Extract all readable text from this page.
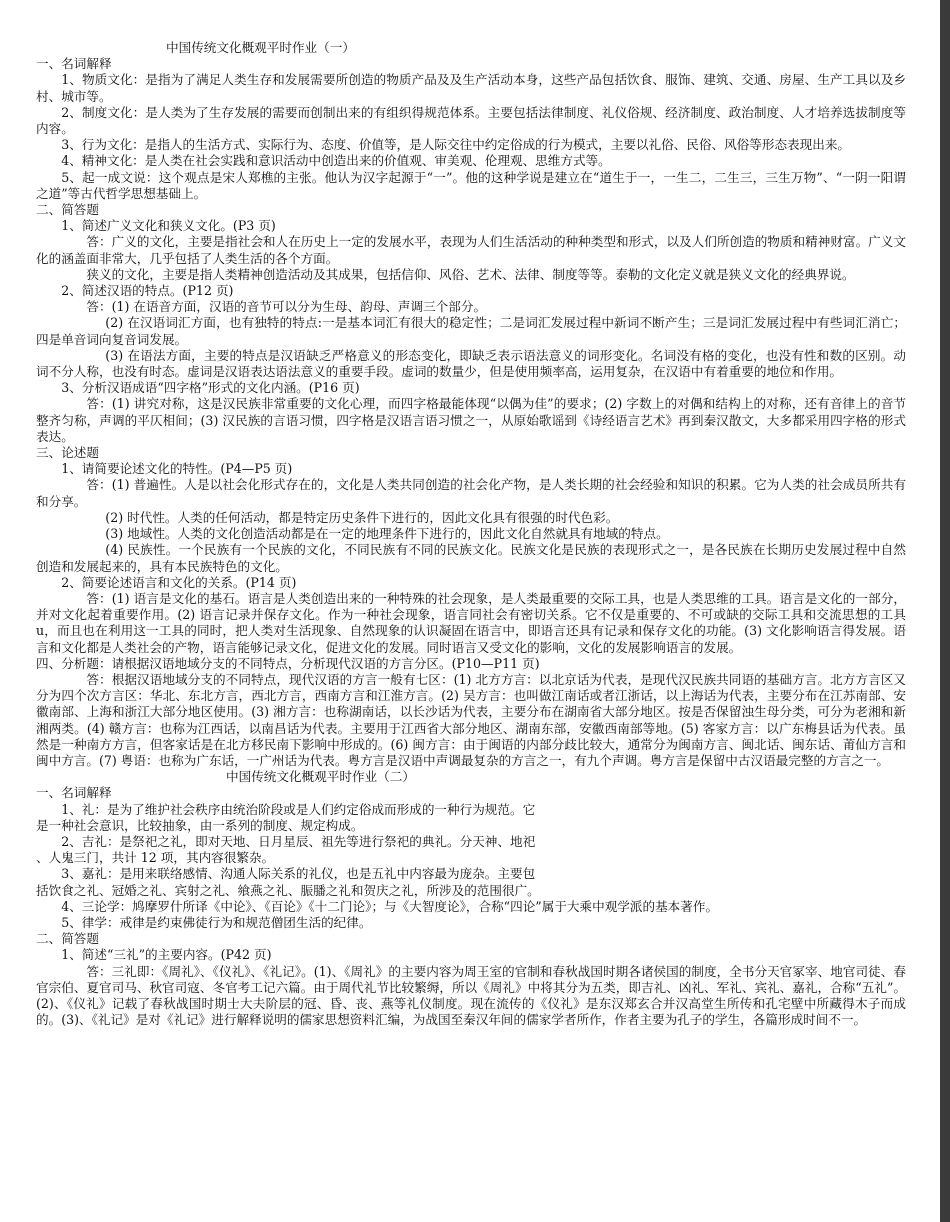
中国传统文化概观平时作业（一）

一、名词解释

1、物质文化：是指为了满足人类生存和发展需要所创造的物质产品及及生产活动本身，这些产品包括饮食、服饰、建筑、交通、房屋、生产工具以及乡村、城市等。

2、制度文化：是人类为了生存发展的需要而创制出来的有组织得规范体系。主要包括法律制度、礼仪俗规、经济制度、政治制度、人才培养选拔制度等内容。

3、行为文化：是指人的生活方式、实际行为、态度、价值等，是人际交往中约定俗成的行为模式，主要以礼俗、民俗、风俗等形态表现出来。

4、精神文化：是人类在社会实践和意识活动中创造出来的价值观、审美观、伦理观、思维方式等。

5、起一成文说：这个观点是宋人郑樵的主张。他认为汉字起源于“一”。他的这种学说是建立在“道生于一，一生二，二生三，三生万物”、“一阴一阳谓之道”等古代哲学思想基础上。

二、简答题

1、简述广义文化和狭义文化。(P3 页)

答：广义的文化，主要是指社会和人在历史上一定的发展水平，表现为人们生活活动的种种类型和形式，以及人们所创造的物质和精神财富。广义文化的涵盖面非常大，几乎包括了人类生活的各个方面。

狭义的文化，主要是指人类精神创造活动及其成果，包括信仰、风俗、艺术、法律、制度等等。泰勒的文化定义就是狭义文化的经典界说。

2、简述汉语的特点。(P12 页)

答：(1) 在语音方面，汉语的音节可以分为生母、韵母、声调三个部分。

(2) 在汉语词汇方面，也有独特的特点:一是基本词汇有很大的稳定性；二是词汇发展过程中新词不断产生；三是词汇发展过程中有些词汇消亡；四是单音词向复音词发展。

(3) 在语法方面，主要的特点是汉语缺乏严格意义的形态变化，即缺乏表示语法意义的词形变化。名词没有格的变化，也没有性和数的区别。动词不分人称，也没有时态。虚词是汉语表达语法意义的重要手段。虚词的数量少，但是使用频率高，运用复杂，在汉语中有着重要的地位和作用。

3、分析汉语成语“四字格”形式的文化内涵。(P16 页)

答：(1) 讲究对称，这是汉民族非常重要的文化心理，而四字格最能体现“以偶为佳”的要求；(2) 字数上的对偶和结构上的对称，还有音律上的音节整齐匀称，声调的平仄相间；(3) 汉民族的言语习惯，四字格是汉语言语习惯之一，从原始歌谣到《诗经语言艺术》再到秦汉散文，大多都采用四字格的形式表达。

三、论述题

1、请简要论述文化的特性。(P4—P5 页)

答：(1) 普遍性。人是以社会化形式存在的，文化是人类共同创造的社会化产物，是人类长期的社会经验和知识的积累。它为人类的社会成员所共有和分享。

(2) 时代性。人类的任何活动，都是特定历史条件下进行的，因此文化具有很强的时代色彩。

(3) 地域性。人类的文化创造活动都是在一定的地理条件下进行的，因此文化自然就具有地域的特点。

(4) 民族性。一个民族有一个民族的文化，不同民族有不同的民族文化。民族文化是民族的表现形式之一，是各民族在长期历史发展过程中自然创造和发展起来的，具有本民族特色的文化。

2、简要论述语言和文化的关系。(P14 页)

答：(1) 语言是文化的基石。语言是人类创造出来的一种特殊的社会现象，是人类最重要的交际工具，也是人类思维的工具。语言是文化的一部分，并对文化起着重要作用。(2) 语言记录并保存文化。作为一种社会现象，语言同社会有密切关系。它不仅是重要的、不可或缺的交际工具和交流思想的工具 u，而且也在利用这一工具的同时，把人类对生活现象、自然现象的认识凝固在语言中，即语言还具有记录和保存文化的功能。(3) 文化影响语言得发展。语言和文化都是人类社会的产物，语言能够记录文化，促进文化的发展。同时语言又受文化的影响，文化的发展影响语言的发展。

四、分析题：请根据汉语地域分支的不同特点，分析现代汉语的方言分区。(P10—P11 页)

答：根据汉语地域分支的不同特点，现代汉语的方言一般有七区：(1) 北方方言：以北京话为代表，是现代汉民族共同语的基础方言。北方方言区又分为四个次方言区：华北、东北方言，西北方言，西南方言和江淮方言。(2) 吴方言：也叫做江南话或者江浙话，以上海话为代表，主要分布在江苏南部、安徽南部、上海和浙江大部分地区使用。(3) 湘方言：也称湖南话，以长沙话为代表，主要分布在湖南省大部分地区。按是否保留浊生母分类，可分为老湘和新湘两类。(4) 赣方言：也称为江西话，以南昌话为代表。主要用于江西省大部分地区、湖南东部，安徽西南部等地。(5) 客家方言：以广东梅县话为代表。虽然是一种南方方言，但客家话是在北方移民南下影响中形成的。(6) 闽方言：由于闽语的内部分歧比较大，通常分为闽南方言、闽北话、闽东话、莆仙方言和闽中方言。(7) 粤语：也称为广东话，一广州话为代表。粤方言是汉语中声调最复杂的方言之一，有九个声调。粤方言是保留中古汉语最完整的方言之一。

中国传统文化概观平时作业（二）

一、名词解释

1、礼：是为了维护社会秩序由统治阶段或是人们约定俗成而形成的一种行为规范。它

是一种社会意识，比较抽象，由一系列的制度、规定构成。

2、吉礼：是祭祀之礼，即对天地、日月星辰、祖先等进行祭祀的典礼。分天神、地祀

、人鬼三门，共计 12 项，其内容很繁杂。

3、嘉礼：是用来联络感情、沟通人际关系的礼仪，也是五礼中内容最为庞杂。主要包

括饮食之礼、冠婚之礼、宾射之礼、飨燕之礼、脤膰之礼和贺庆之礼，所涉及的范围很广。

4、三论学：鸠摩罗什所译《中论》、《百论》《十二门论》；与《大智度论》，合称“四论”属于大乘中观学派的基本著作。

5、律学：戒律是约束佛徒行为和规范僧团生活的纪律。

二、简答题

1、简述“三礼”的主要内容。(P42 页)

答：三礼即：《周礼》、《仪礼》、《礼记》。(1)、《周礼》的主要内容为周王室的官制和春秋战国时期各诸侯国的制度，全书分天官冢宰、地官司徒、春官宗伯、夏官司马、秋官司寇、冬官考工记六篇。由于周代礼节比较繁缛，所以《周礼》中将其分为五类，即吉礼、凶礼、军礼、宾礼、嘉礼，合称“五礼”。(2)、《仪礼》记载了春秋战国时期士大夫阶层的冠、昏、丧、燕等礼仪制度。现在流传的《仪礼》是东汉郑玄合并汉高堂生所传和孔宅壁中所藏得木子而成的。(3)、《礼记》是对《礼记》进行解释说明的儒家思想资料汇编，为战国至秦汉年间的儒家学者所作，作者主要为孔子的学生，各篇形成时间不一。
